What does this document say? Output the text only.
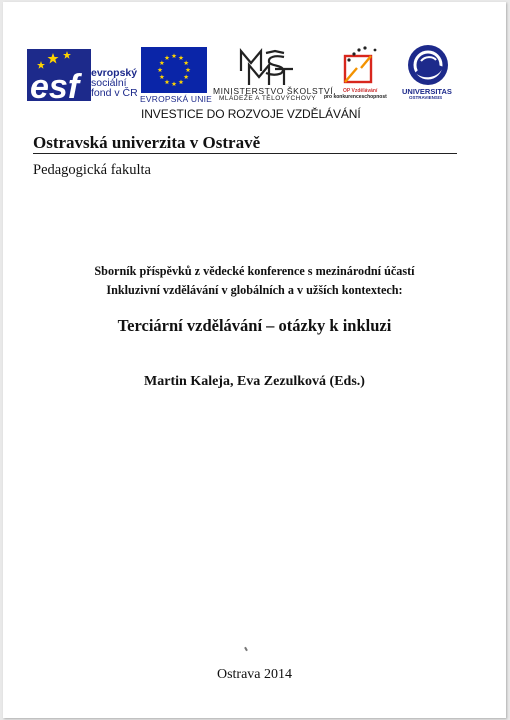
esf	evropský
sociální
fond v ČR EVROPSKÁ UNIE
MINISTERSTVO ŠKOLSTVÍ,
MLÁDEŽE A TĚLOVÝCHOVY
OP Vzdělávání
pro konkurenceschopnost
UNIVERSITAS
OSTRAVIENSIS
INVESTICE DO ROZVOJE VZDĚLÁVÁNÍ
Ostravská univerzita v Ostravě
Pedagogická fakulta
Sborník příspěvků z vědecké konference s mezinárodní účastí
Inkluzivní vzdělávání v globálních a v užších kontextech:
Terciární vzdělávání – otázky k inkluzi
Martin Kaleja, Eva Zezulková (Eds.)
Ostrava 2014
